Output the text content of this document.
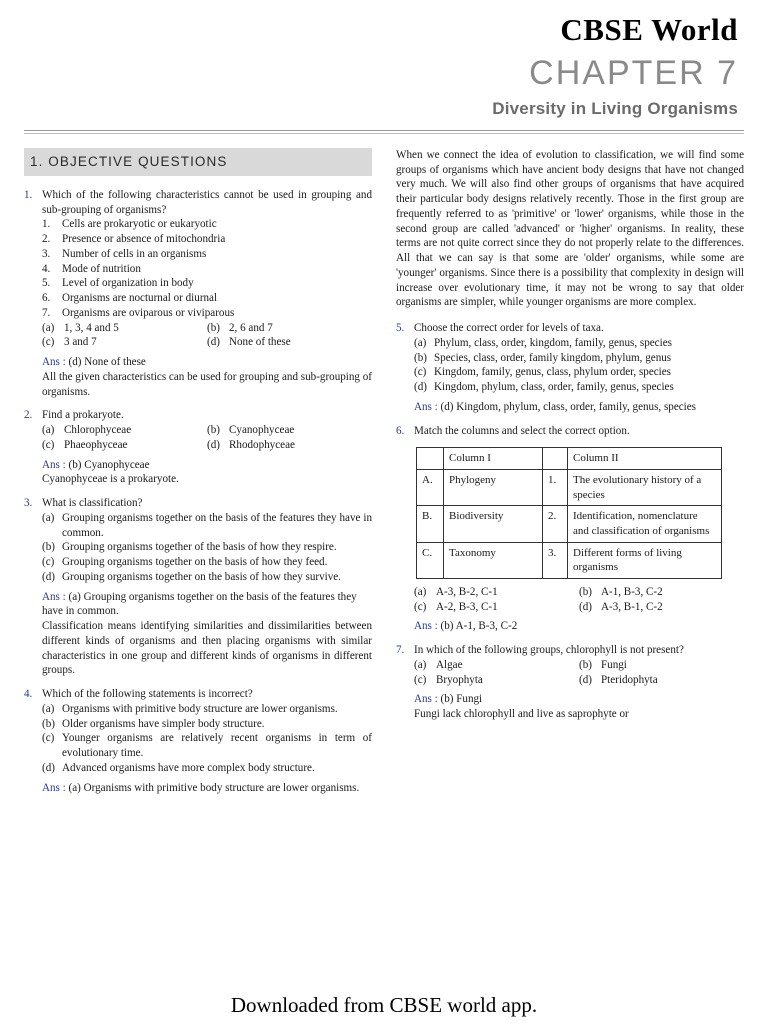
CBSE World
CHAPTER 7
Diversity in Living Organisms
1. OBJECTIVE QUESTIONS
1. Which of the following characteristics cannot be used in grouping and sub-grouping of organisms?
1.	Cells are prokaryotic or eukaryotic
2.	Presence or absence of mitochondria
3.	Number of cells in an organisms
4.	Mode of nutrition
5.	Level of organization in body
6.	Organisms are nocturnal or diurnal
7.	Organisms are oviparous or viviparous
(a) 1, 3, 4 and 5	(b) 2, 6 and 7
(c) 3 and 7	(d) None of these
Ans : (d) None of these
All the given characteristics can be used for grouping and sub-grouping of organisms.
2. Find a prokaryote.
(a) Chlorophyceae	(b) Cyanophyceae
(c) Phaeophyceae	(d) Rhodophyceae
Ans : (b) Cyanophyceae
Cyanophyceae is a prokaryote.
3. What is classification?
(a) Grouping organisms together on the basis of the features they have in common.
(b) Grouping organisms together of the basis of how they respire.
(c) Grouping organisms together on the basis of how they feed.
(d) Grouping organisms together on the basis of how they survive.
Ans : (a) Grouping organisms together on the basis of the features they have in common.
Classification means identifying similarities and dissimilarities between different kinds of organisms and then placing organisms with similar characteristics in one group and different kinds of organisms in different groups.
4. Which of the following statements is incorrect?
(a) Organisms with primitive body structure are lower organisms.
(b) Older organisms have simpler body structure.
(c) Younger organisms are relatively recent organisms in term of evolutionary time.
(d) Advanced organisms have more complex body structure.
Ans : (a) Organisms with primitive body structure are lower organisms.
When we connect the idea of evolution to classification, we will find some groups of organisms which have ancient body designs that have not changed very much. We will also find other groups of organisms that have acquired their particular body designs relatively recently. Those in the first group are frequently referred to as 'primitive' or 'lower' organisms, while those in the second group are called 'advanced' or 'higher' organisms. In reality, these terms are not quite correct since they do not properly relate to the differences. All that we can say is that some are 'older' organisms, while some are 'younger' organisms. Since there is a possibility that complexity in design will increase over evolutionary time, it may not be wrong to say that older organisms are simpler, while younger organisms are more complex.
5. Choose the correct order for levels of taxa.
(a) Phylum, class, order, kingdom, family, genus, species
(b) Species, class, order, family kingdom, phylum, genus
(c) Kingdom, family, genus, class, phylum order, species
(d) Kingdom, phylum, class, order, family, genus, species
Ans : (d) Kingdom, phylum, class, order, family, genus, species
6. Match the columns and select the correct option.
	Column I		Column II
A.	Phylogeny	1.	The evolutionary history of a species
B.	Biodiversity	2.	Identification, nomenclature and classification of organisms
C.	Taxonomy	3.	Different forms of living organisms
(a) A-3, B-2, C-1	(b) A-1, B-3, C-2
(c) A-2, B-3, C-1	(d) A-3, B-1, C-2
Ans : (b) A-1, B-3, C-2
7. In which of the following groups, chlorophyll is not present?
(a) Algae	(b) Fungi
(c) Bryophyta	(d) Pteridophyta
Ans : (b) Fungi
Fungi lack chlorophyll and live as saprophyte or
Downloaded from CBSE world app.
